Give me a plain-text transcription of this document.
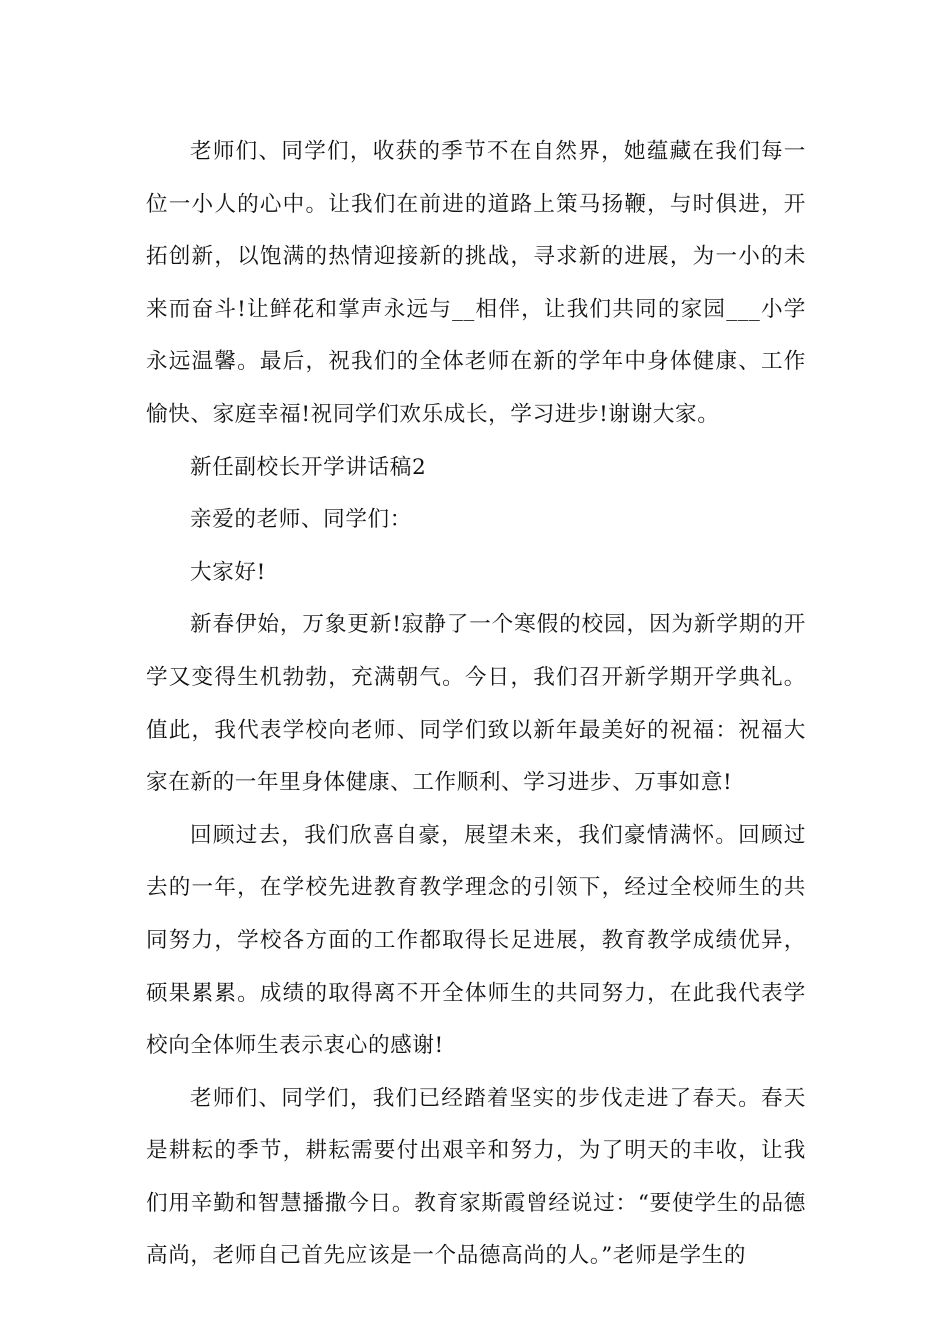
老师们、同学们，收获的季节不在自然界，她蕴藏在我们每一位一小人的心中。让我们在前进的道路上策马扬鞭，与时俱进，开拓创新，以饱满的热情迎接新的挑战，寻求新的进展，为一小的未来而奋斗!让鲜花和掌声永远与__相伴，让我们共同的家园___小学永远温馨。最后，祝我们的全体老师在新的学年中身体健康、工作愉快、家庭幸福!祝同学们欢乐成长，学习进步!谢谢大家。

新任副校长开学讲话稿2

亲爱的老师、同学们：

大家好!

新春伊始，万象更新!寂静了一个寒假的校园，因为新学期的开学又变得生机勃勃，充满朝气。今日，我们召开新学期开学典礼。值此，我代表学校向老师、同学们致以新年最美好的祝福：祝福大家在新的一年里身体健康、工作顺利、学习进步、万事如意!

回顾过去，我们欣喜自豪，展望未来，我们豪情满怀。回顾过去的一年，在学校先进教育教学理念的引领下，经过全校师生的共同努力，学校各方面的工作都取得长足进展，教育教学成绩优异，硕果累累。成绩的取得离不开全体师生的共同努力，在此我代表学校向全体师生表示衷心的感谢!

老师们、同学们，我们已经踏着坚实的步伐走进了春天。春天是耕耘的季节，耕耘需要付出艰辛和努力，为了明天的丰收，让我们用辛勤和智慧播撒今日。教育家斯霞曾经说过：“要使学生的品德高尚，老师自己首先应该是一个品德高尚的人。”老师是学生的
